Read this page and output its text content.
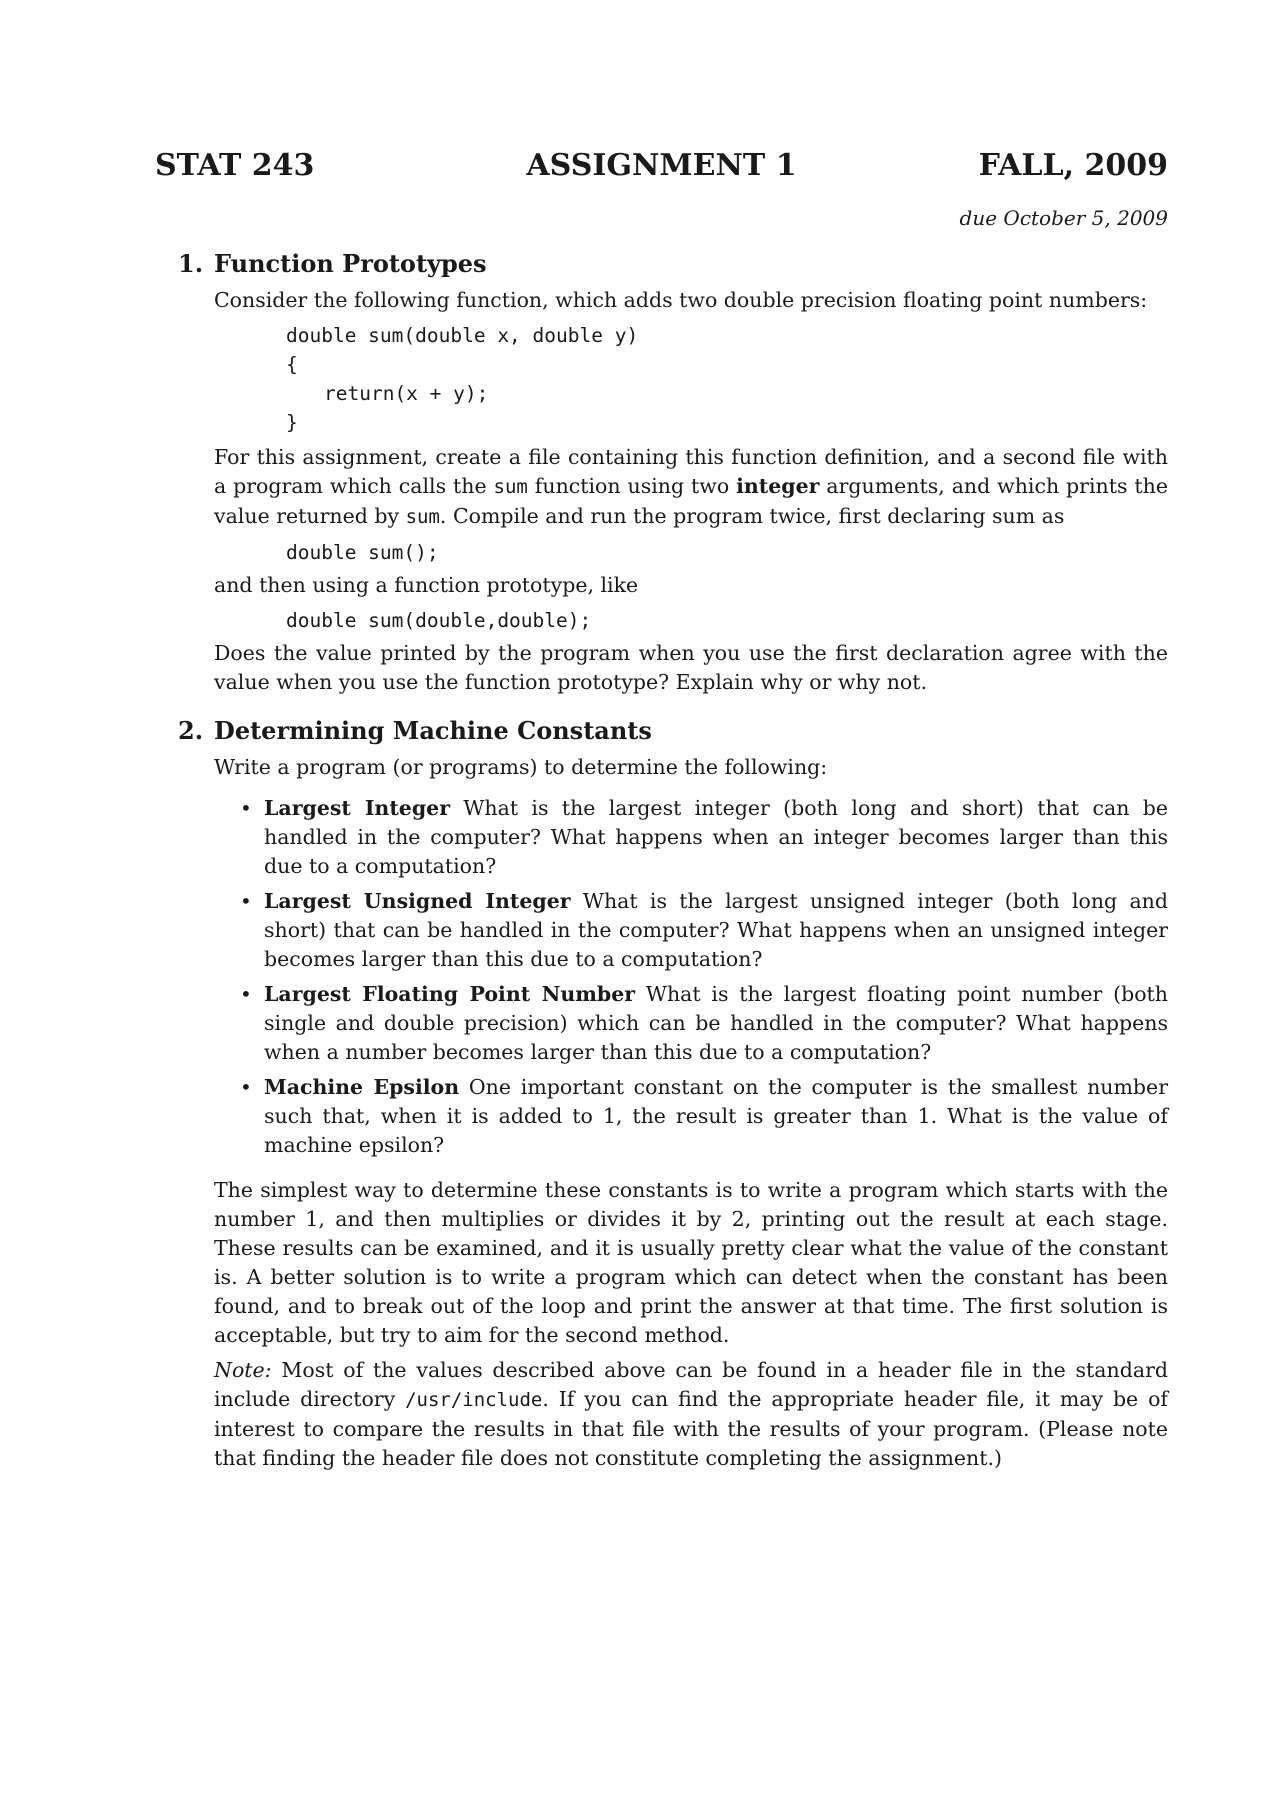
STAT 243	ASSIGNMENT 1	FALL, 2009
due October 5, 2009
1. Function Prototypes
Consider the following function, which adds two double precision floating point numbers:
double sum(double x, double y)
{
return(x + y);
}
For this assignment, create a file containing this function definition, and a second file with a program which calls the sum function using two integer arguments, and which prints the value returned by sum. Compile and run the program twice, first declaring sum as
double sum();
and then using a function prototype, like
double sum(double,double);
Does the value printed by the program when you use the first declaration agree with the value when you use the function prototype? Explain why or why not.
2. Determining Machine Constants
Write a program (or programs) to determine the following:
• Largest Integer What is the largest integer (both long and short) that can be handled in the computer? What happens when an integer becomes larger than this due to a computation?
• Largest Unsigned Integer What is the largest unsigned integer (both long and short) that can be handled in the computer? What happens when an unsigned integer becomes larger than this due to a computation?
• Largest Floating Point Number What is the largest floating point number (both single and double precision) which can be handled in the computer? What happens when a number becomes larger than this due to a computation?
• Machine Epsilon One important constant on the computer is the smallest number such that, when it is added to 1, the result is greater than 1. What is the value of machine epsilon?
The simplest way to determine these constants is to write a program which starts with the number 1, and then multiplies or divides it by 2, printing out the result at each stage. These results can be examined, and it is usually pretty clear what the value of the constant is. A better solution is to write a program which can detect when the constant has been found, and to break out of the loop and print the answer at that time. The first solution is acceptable, but try to aim for the second method.
Note: Most of the values described above can be found in a header file in the standard include directory /usr/include. If you can find the appropriate header file, it may be of interest to compare the results in that file with the results of your program. (Please note that finding the header file does not constitute completing the assignment.)
